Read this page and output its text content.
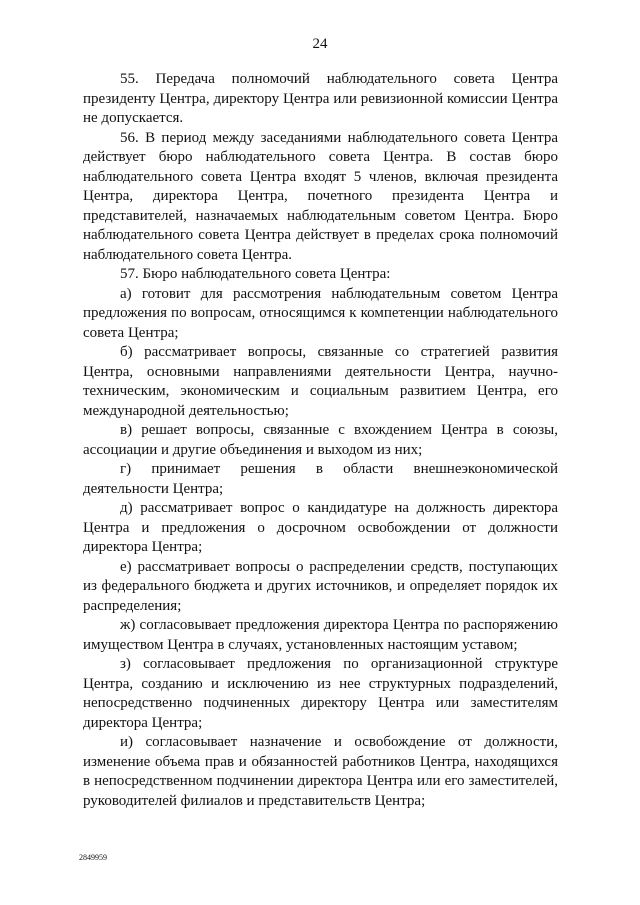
24

55. Передача полномочий наблюдательного совета Центра президенту Центра, директору Центра или ревизионной комиссии Центра не допускается.

56. В период между заседаниями наблюдательного совета Центра действует бюро наблюдательного совета Центра. В состав бюро наблюдательного совета Центра входят 5 членов, включая президента Центра, директора Центра, почетного президента Центра и представителей, назначаемых наблюдательным советом Центра. Бюро наблюдательного совета Центра действует в пределах срока полномочий наблюдательного совета Центра.

57. Бюро наблюдательного совета Центра:

а) готовит для рассмотрения наблюдательным советом Центра предложения по вопросам, относящимся к компетенции наблюдательного совета Центра;

б) рассматривает вопросы, связанные со стратегией развития Центра, основными направлениями деятельности Центра, научно-техническим, экономическим и социальным развитием Центра, его международной деятельностью;

в) решает вопросы, связанные с вхождением Центра в союзы, ассоциации и другие объединения и выходом из них;

г) принимает решения в области внешнеэкономической деятельности Центра;

д) рассматривает вопрос о кандидатуре на должность директора Центра и предложения о досрочном освобождении от должности директора Центра;

е) рассматривает вопросы о распределении средств, поступающих из федерального бюджета и других источников, и определяет порядок их распределения;

ж) согласовывает предложения директора Центра по распоряжению имуществом Центра в случаях, установленных настоящим уставом;

з) согласовывает предложения по организационной структуре Центра, созданию и исключению из нее структурных подразделений, непосредственно подчиненных директору Центра или заместителям директора Центра;

и) согласовывает назначение и освобождение от должности, изменение объема прав и обязанностей работников Центра, находящихся в непосредственном подчинении директора Центра или его заместителей, руководителей филиалов и представительств Центра;

2849959
